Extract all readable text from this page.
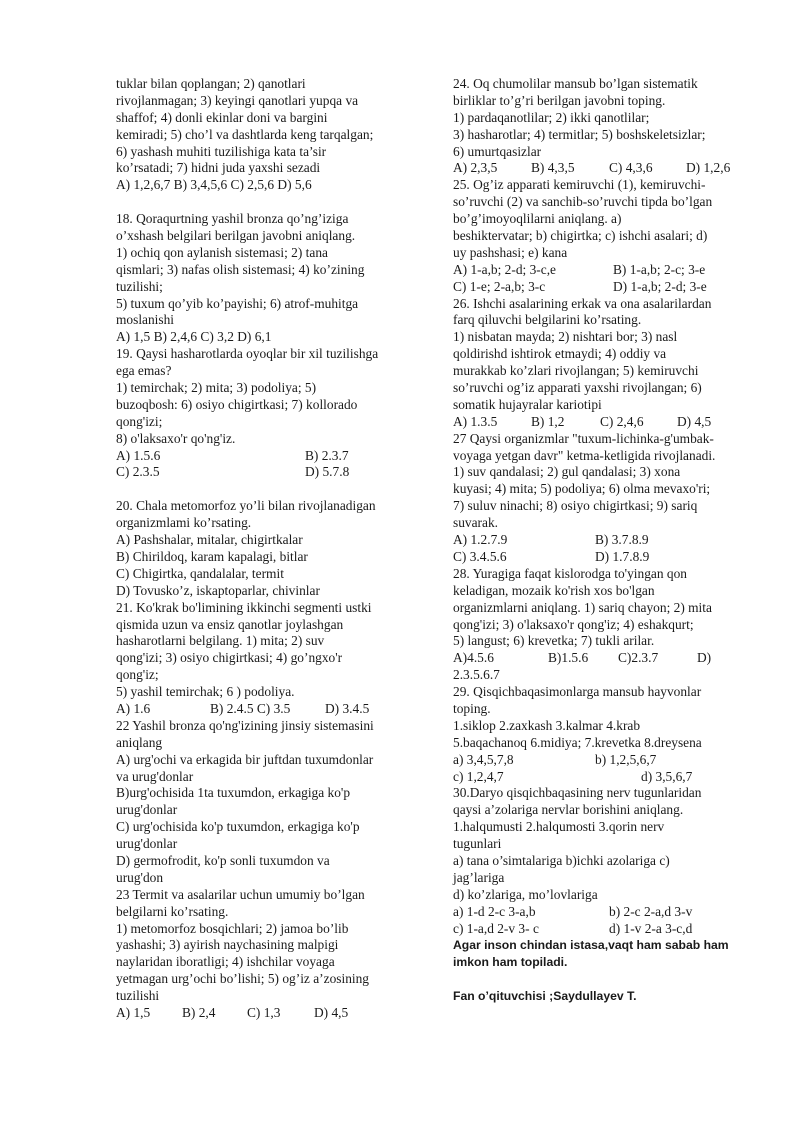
tuklar bilan qoplangan; 2) qanotlari
rivojlanmagan; 3) keyingi qanotlari yupqa va
shaffof; 4) donli ekinlar doni va bargini
kemiradi; 5) cho’l va dashtlarda keng tarqalgan;
6) yashash muhiti tuzilishiga kata ta’sir
ko’rsatadi; 7) hidni juda yaxshi sezadi
A) 1,2,6,7 B) 3,4,5,6 C) 2,5,6 D) 5,6
18. Qoraqurtning yashil bronza qo’ng’iziga
o’xshash belgilari berilgan javobni aniqlang.
1) ochiq qon aylanish sistemasi; 2) tana
qismlari; 3) nafas olish sistemasi; 4) ko’zining
tuzilishi;
5) tuxum qo’yib ko’payishi; 6) atrof-muhitga
moslanishi
A) 1,5 B) 2,4,6 C) 3,2 D) 6,1
19. Qaysi hasharotlarda oyoqlar bir xil tuzilishga
ega emas?
1) temirchak; 2) mita; 3) podoliya; 5)
buzoqbosh: 6) osiyo chigirtkasi; 7) kollorado
qong'izi;
8) o'laksaxo'r qo'ng'iz.
A) 1.5.6	B) 2.3.7
C) 2.3.5	D) 5.7.8
20. Chala metomorfoz yo’li bilan rivojlanadigan
organizmlami ko’rsating.
A) Pashshalar, mitalar, chigirtkalar
B) Chirildoq, karam kapalagi, bitlar
C) Chigirtka, qandalalar, termit
D) Tovusko’z, iskaptoparlar, chivinlar
21. Ko'krak bo'limining ikkinchi segmenti ustki
qismida uzun va ensiz qanotlar joylashgan
hasharotlarni belgilang. 1) mita; 2) suv
qong'izi; 3) osiyo chigirtkasi; 4) go’ngxo'r
qong'iz;
5) yashil temirchak; 6 ) podoliya.
A) 1.6	B) 2.4.5 C) 3.5	D) 3.4.5
22 Yashil bronza qo'ng'izining jinsiy sistemasini
aniqlang
A) urg'ochi va erkagida bir juftdan tuxumdonlar
va urug'donlar
B)urg'ochisida 1ta tuxumdon, erkagiga ko'p
urug'donlar
C) urg'ochisida ko'p tuxumdon, erkagiga ko'p
urug'donlar
D) germofrodit, ko'p sonli tuxumdon va
urug'don
23 Termit va asalarilar uchun umumiy bo’lgan
belgilarni ko’rsating.
1) metomorfoz bosqichlari; 2) jamoa bo’lib
yashashi; 3) ayirish naychasining malpigi
naylaridan iboratligi; 4) ishchilar voyaga
yetmagan urg’ochi bo’lishi; 5) og’iz a’zosining
tuzilishi
A) 1,5 B) 2,4 C) 1,3	D) 4,5
24. Oq chumolilar mansub bo’lgan sistematik
birliklar to’g’ri berilgan javobni toping.
1) pardaqanotlilar; 2) ikki qanotlilar;
3) hasharotlar; 4) termitlar; 5) boshskeletsizlar;
6) umurtqasizlar
A) 2,3,5	B) 4,3,5	C) 4,3,6 D) 1,2,6
25. Og’iz apparati kemiruvchi (1), kemiruvchi-
so’ruvchi (2) va sanchib-so’ruvchi tipda bo’lgan
bo’g’imoyoqlilarni aniqlang. a)
beshiktervatar; b) chigirtka; c) ishchi asalari; d)
uy pashshasi; e) kana
A) 1-a,b; 2-d; 3-c,e	B) 1-a,b; 2-c; 3-e
C) 1-e; 2-a,b; 3-c	D) 1-a,b; 2-d; 3-e
26. Ishchi asalarining erkak va ona asalarilardan
farq qiluvchi belgilarini ko’rsating.
1) nisbatan mayda; 2) nishtari bor; 3) nasl
qoldirishd ishtirok etmaydi; 4) oddiy va
murakkab ko’zlari rivojlangan; 5) kemiruvchi
so’ruvchi og’iz apparati yaxshi rivojlangan; 6)
somatik hujayralar kariotipi
A) 1.3.5	B) 1,2	C) 2,4,6 D) 4,5
27 Qaysi organizmlar "tuxum-lichinka-g'umbak-
voyaga yetgan davr" ketma-ketligida rivojlanadi.
1) suv qandalasi; 2) gul qandalasi; 3) xona
kuyasi; 4) mita; 5) podoliya; 6) olma mevaxo'ri;
7) suluv ninachi; 8) osiyo chigirtkasi; 9) sariq
suvarak.
A) 1.2.7.9	B) 3.7.8.9
C) 3.4.5.6	D) 1.7.8.9
28. Yuragiga faqat kislorodga to'yingan qon
keladigan, mozaik ko'rish xos bo'lgan
organizmlarni aniqlang. 1) sariq chayon; 2) mita
qong'izi; 3) o'laksaxo'r qong'iz; 4) eshakqurt;
5) langust; 6) krevetka; 7) tukli arilar.
A)4.5.6	B)1.5.6 C)2.3.7	D)
2.3.5.6.7
29. Qisqichbaqasimonlarga mansub hayvonlar
toping.
1.siklop 2.zaxkash 3.kalmar 4.krab
5.baqachanoq 6.midiya; 7.krevetka 8.dreysena
a) 3,4,5,7,8	b) 1,2,5,6,7
c) 1,2,4,7	d) 3,5,6,7
30.Daryo qisqichbaqasining nerv tugunlaridan
qaysi a’zolariga nervlar borishini aniqlang.
1.halqumusti 2.halqumosti 3.qorin nerv
tugunlari
a) tana o’simtalariga b)ichki azolariga c)
jag’lariga
d) ko’zlariga, mo’lovlariga
a) 1-d 2-c 3-a,b	b) 2-c 2-a,d 3-v
c) 1-a,d 2-v 3- c	d) 1-v 2-a 3-c,d
Agar inson chindan istasa,vaqt ham sabab ham
imkon ham topiladi.
Fan o’qituvchisi ;Saydullayev T.
